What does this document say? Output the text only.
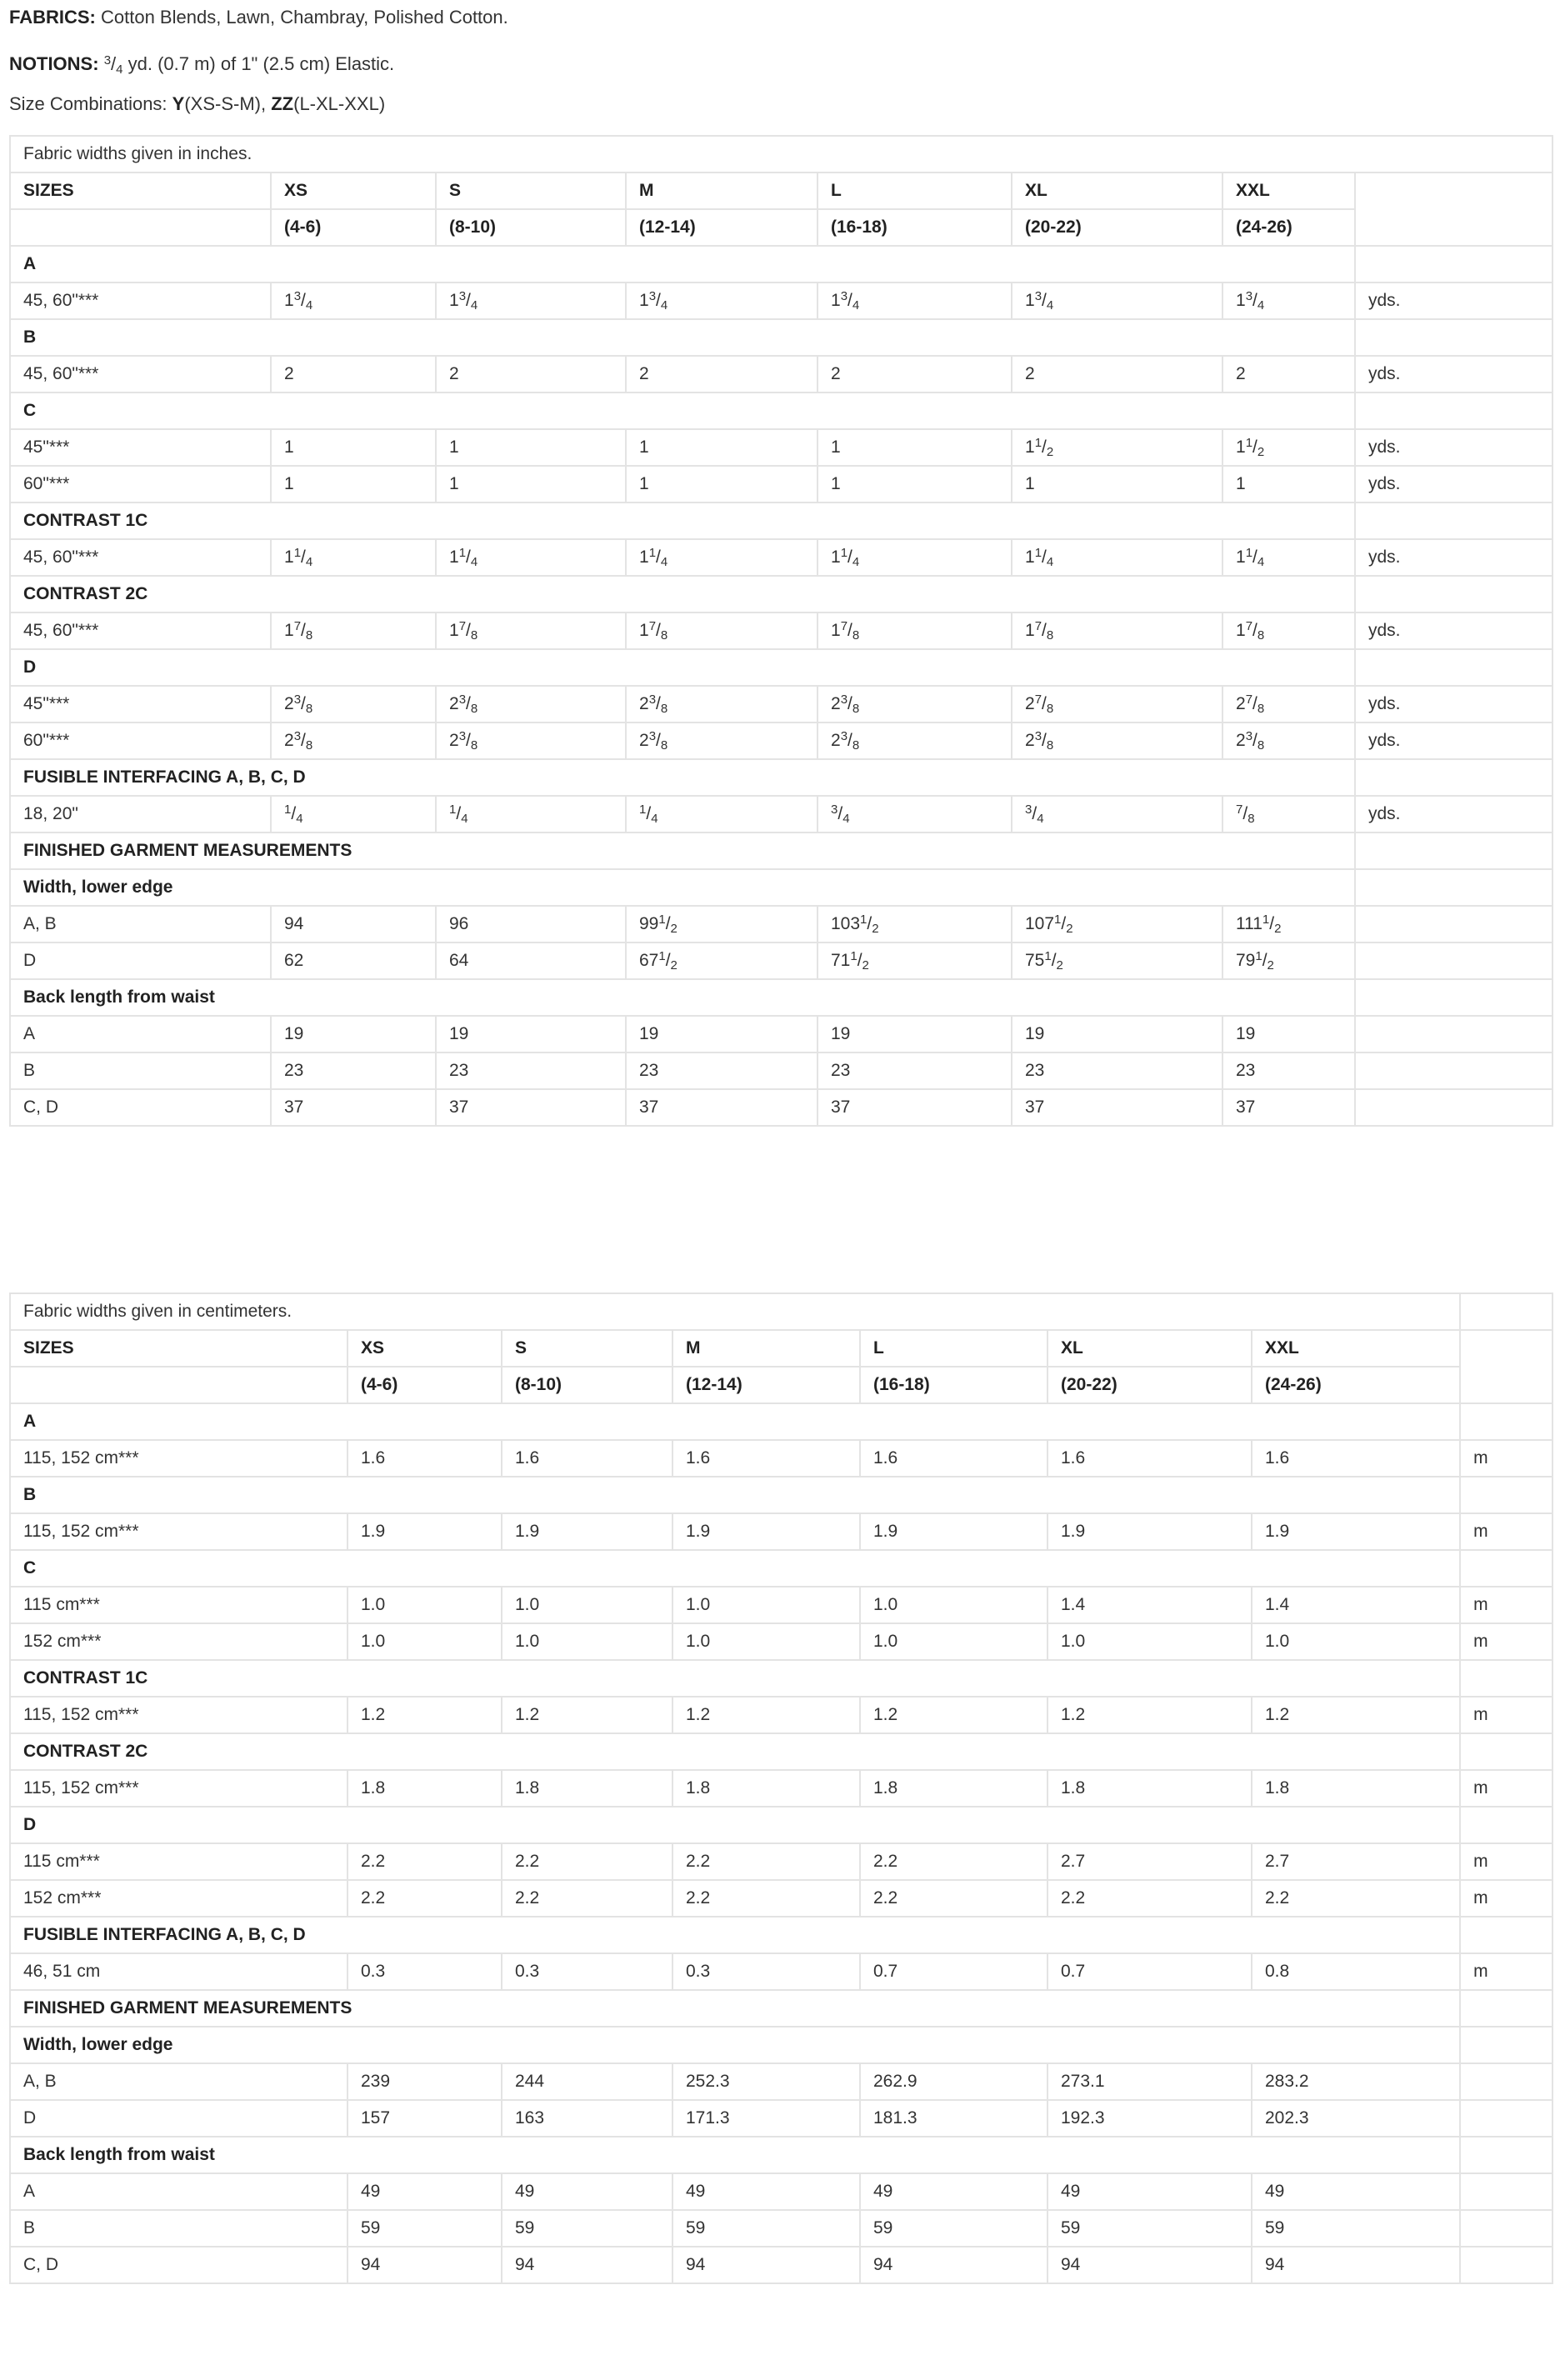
FABRICS: Cotton Blends, Lawn, Chambray, Polished Cotton.
NOTIONS: $^3$/4 yd. (0.7 m) of 1" (2.5 cm) Elastic.
Size Combinations: Y(XS-S-M), ZZ(L-XL-XXL)
Fabric widths given in inches.							
SIZES	XS	S	M	L	XL	XXL	
	(4-6)	(8-10)	(12-14)	(16-18)	(20-22)	(24-26)	
A							
45, 60"***	$1^3/4$	$1^3/4$	$1^3/4$	$1^3/4$	$1^3/4$	$1^3/4$	yds.
B							
45, 60"***	2	2	2	2	2	2	yds.
C							
45"***	1	1	1	1	$1^1/2$	$1^1/2$	yds.
60"***	1	1	1	1	1	1	yds.
CONTRAST 1C							
45, 60"***	$1^1/4$	$1^1/4$	$1^1/4$	$1^1/4$	$1^1/4$	$1^1/4$	yds.
CONTRAST 2C							
45, 60"***	$1^7/8$	$1^7/8$	$1^7/8$	$1^7/8$	$1^7/8$	$1^7/8$	yds.
D							
45"***	$2^3/8$	$2^3/8$	$2^3/8$	$2^3/8$	$2^7/8$	$2^7/8$	yds.
60"***	$2^3/8$	$2^3/8$	$2^3/8$	$2^3/8$	$2^3/8$	$2^3/8$	yds.
FUSIBLE INTERFACING A, B, C, D							
18, 20"	$^1$/4	$^1$/4	$^1$/4	$^3$/4	$^3$/4	$^7$/8	yds.
FINISHED GARMENT MEASUREMENTS							
Width, lower edge							
A, B	94	96	$99^1/2$	$103^1/2$	$107^1/2$	$111^1/2$	
D	62	64	$67^1/2$	$71^1/2$	$75^1/2$	$79^1/2$	
Back length from waist							
A	19	19	19	19	19	19	
B	23	23	23	23	23	23	
C, D	37	37	37	37	37	37	
Fabric widths given in centimeters.							
SIZES	XS	S	M	L	XL	XXL	
	(4-6)	(8-10)	(12-14)	(16-18)	(20-22)	(24-26)	
A							
115, 152 cm***	1.6	1.6	1.6	1.6	1.6	1.6	m
B							
115, 152 cm***	1.9	1.9	1.9	1.9	1.9	1.9	m
C							
115 cm***	1.0	1.0	1.0	1.0	1.4	1.4	m
152 cm***	1.0	1.0	1.0	1.0	1.0	1.0	m
CONTRAST 1C							
115, 152 cm***	1.2	1.2	1.2	1.2	1.2	1.2	m
CONTRAST 2C							
115, 152 cm***	1.8	1.8	1.8	1.8	1.8	1.8	m
D							
115 cm***	2.2	2.2	2.2	2.2	2.7	2.7	m
152 cm***	2.2	2.2	2.2	2.2	2.2	2.2	m
FUSIBLE INTERFACING A, B, C, D							
46, 51 cm	0.3	0.3	0.3	0.7	0.7	0.8	m
FINISHED GARMENT MEASUREMENTS							
Width, lower edge							
A, B	239	244	252.3	262.9	273.1	283.2	
D	157	163	171.3	181.3	192.3	202.3	
Back length from waist							
A	49	49	49	49	49	49	
B	59	59	59	59	59	59	
C, D	94	94	94	94	94	94	
